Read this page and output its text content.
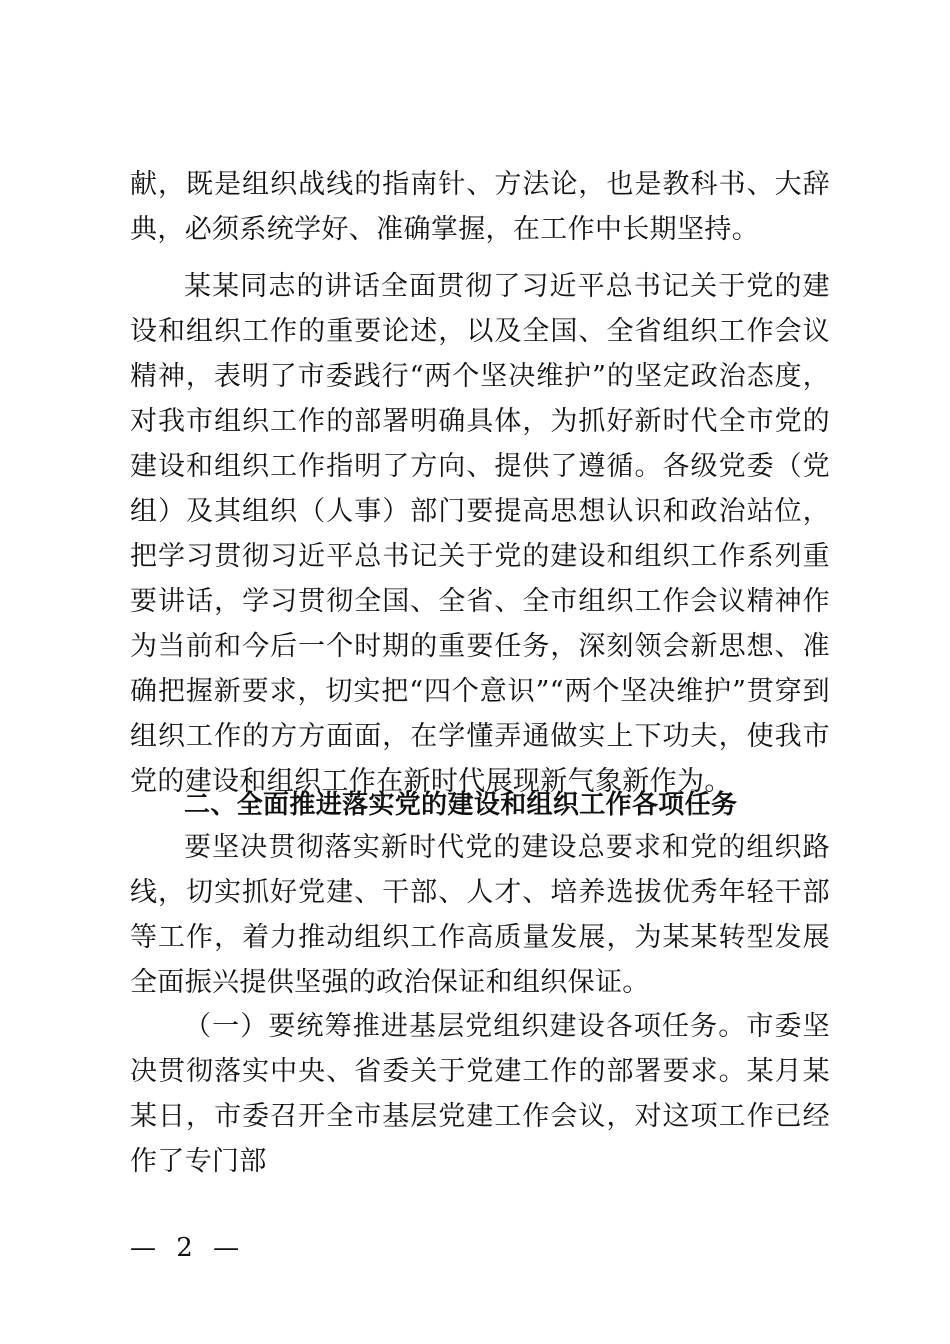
献，既是组织战线的指南针、方法论，也是教科书、大辞典，必须系统学好、准确掌握，在工作中长期坚持。
某某同志的讲话全面贯彻了习近平总书记关于党的建设和组织工作的重要论述，以及全国、全省组织工作会议精神，表明了市委践行“两个坚决维护”的坚定政治态度，对我市组织工作的部署明确具体，为抓好新时代全市党的建设和组织工作指明了方向、提供了遵循。各级党委（党组）及其组织（人事）部门要提高思想认识和政治站位，把学习贯彻习近平总书记关于党的建设和组织工作系列重要讲话，学习贯彻全国、全省、全市组织工作会议精神作为当前和今后一个时期的重要任务，深刻领会新思想、准确把握新要求，切实把“四个意识”“两个坚决维护”贯穿到组织工作的方方面面，在学懂弄通做实上下功夫，使我市党的建设和组织工作在新时代展现新气象新作为。
二、全面推进落实党的建设和组织工作各项任务
要坚决贯彻落实新时代党的建设总要求和党的组织路线，切实抓好党建、干部、人才、培养选拔优秀年轻干部等工作，着力推动组织工作高质量发展，为某某转型发展全面振兴提供坚强的政治保证和组织保证。
（一）要统筹推进基层党组织建设各项任务。市委坚决贯彻落实中央、省委关于党建工作的部署要求。某月某某日，市委召开全市基层党建工作会议，对这项工作已经作了专门部
— 2 —
